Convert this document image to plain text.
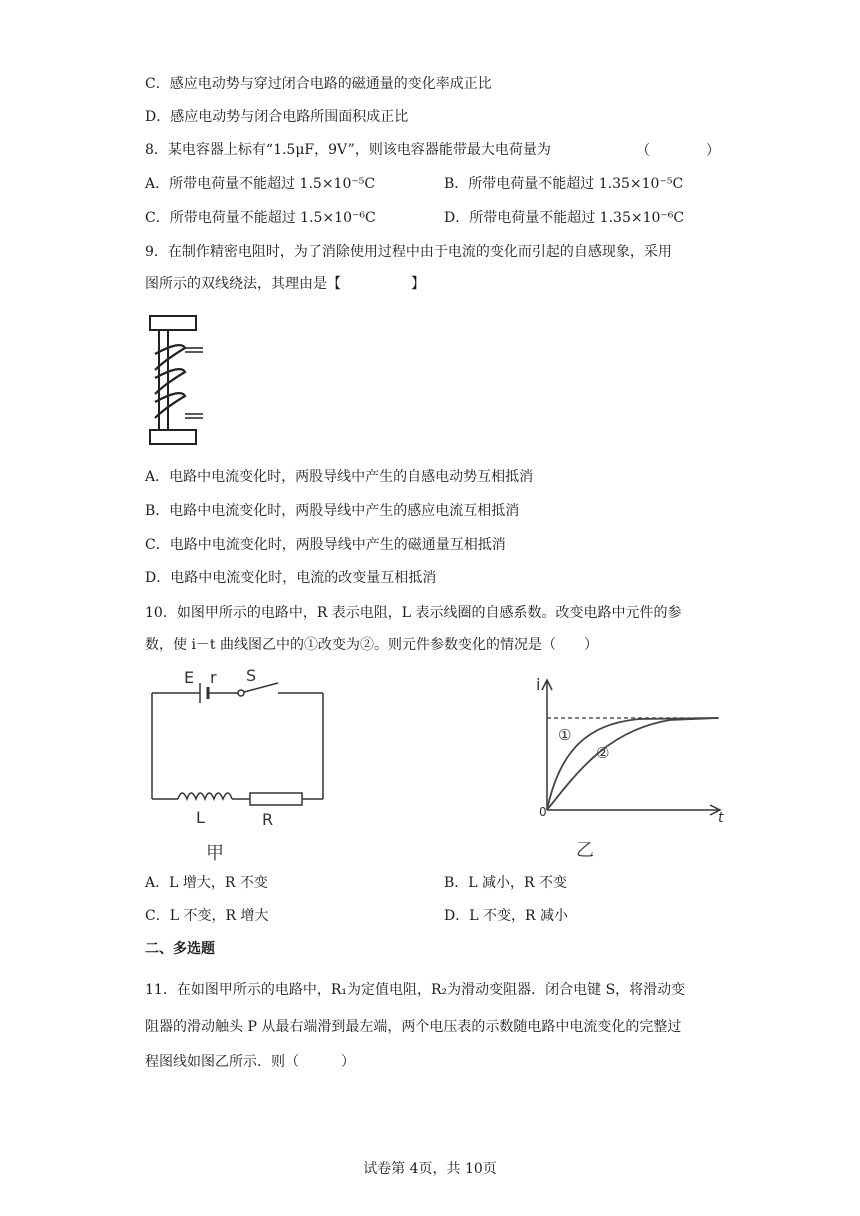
C．感应电动势与穿过闭合电路的磁通量的变化率成正比
D．感应电动势与闭合电路所围面积成正比
8．某电容器上标有“1.5μF，9V”，则该电容器能带最大电荷量为	（　　　　）
A．所带电荷量不能超过 1.5×10⁻⁵C	B．所带电荷量不能超过 1.35×10⁻⁵C
C．所带电荷量不能超过 1.5×10⁻⁶C	D．所带电荷量不能超过 1.35×10⁻⁶C
9．在制作精密电阻时，为了消除使用过程中由于电流的变化而引起的自感现象，采用
图所示的双线绕法，其理由是【　　　　　】
A．电路中电流变化时，两股导线中产生的自感电动势互相抵消
B．电路中电流变化时，两股导线中产生的感应电流互相抵消
C．电路中电流变化时，两股导线中产生的磁通量互相抵消
D．电路中电流变化时，电流的改变量互相抵消
10．如图甲所示的电路中，R 表示电阻，L 表示线圈的自感系数。改变电路中元件的参
数，使 i－t 曲线图乙中的①改变为②。则元件参数变化的情况是（　　）
E r S
L	R
甲
i
t
0
①
②
乙
A．L 增大，R 不变	B．L 减小，R 不变
C．L 不变，R 增大	D．L 不变，R 减小
二、多选题
11．在如图甲所示的电路中，R₁为定值电阻，R₂为滑动变阻器．闭合电键 S，将滑动变
阻器的滑动触头 P 从最右端滑到最左端，两个电压表的示数随电路中电流变化的完整过
程图线如图乙所示．则（　　　）
试卷第 4页，共 10页
